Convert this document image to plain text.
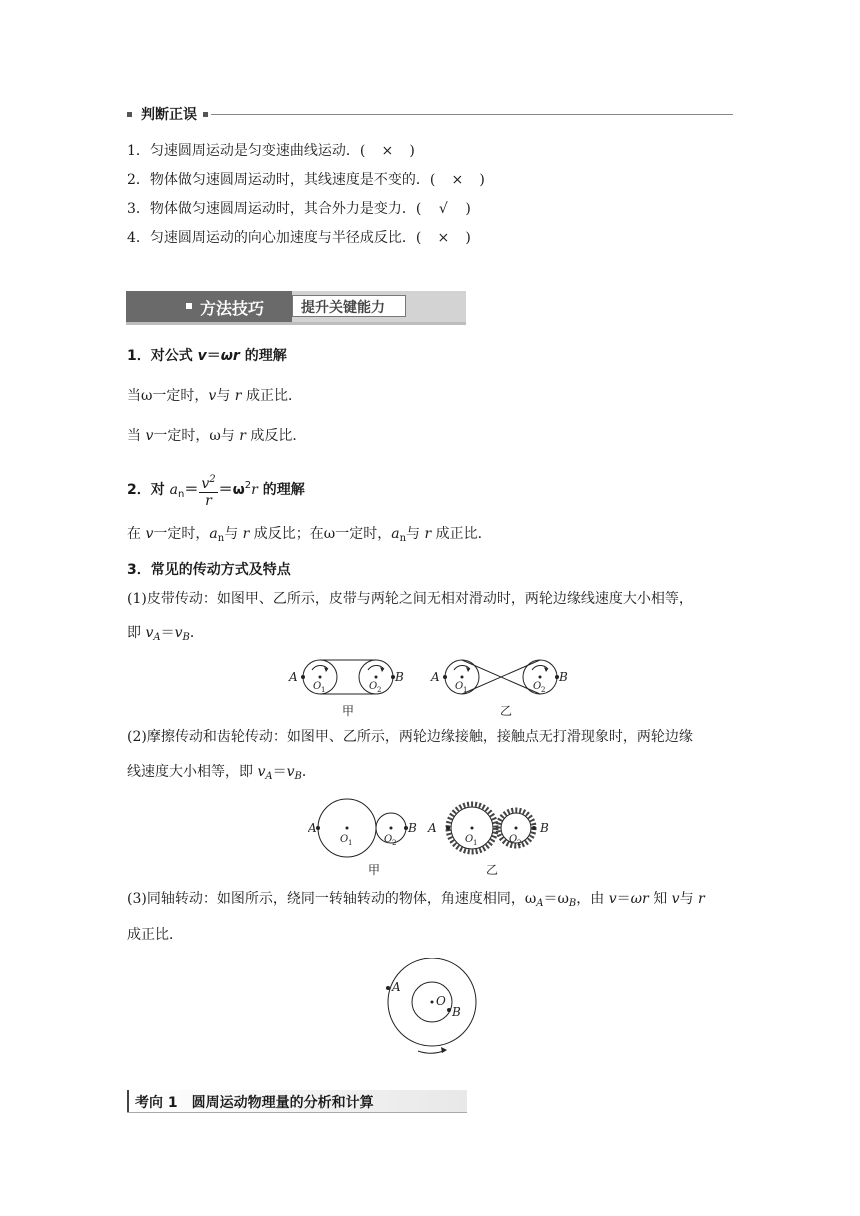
判断正误
1．匀速圆周运动是匀变速曲线运动．( × )
2．物体做匀速圆周运动时，其线速度是不变的．( × )
3．物体做匀速圆周运动时，其合外力是变力．( √ )
4．匀速圆周运动的向心加速度与半径成反比．( × )
方法技巧	提升关键能力
1．对公式 v＝ωr 的理解
当ω一定时，v与 r 成正比．
当 v一定时，ω与 r 成反比．
2．对 $a_n= \frac{v^2}{r} =\omega^2r$ 的理解
在 v一定时，$a_n$与 r 成反比；在ω一定时，$a_n$与 r 成正比．
3．常见的传动方式及特点
(1)皮带传动：如图甲、乙所示，皮带与两轮之间无相对滑动时，两轮边缘线速度大小相等，
即 $v_A=v_B$．
A	B
O 1	O 2
A	B
O 1	O 2
甲	乙
(2)摩擦传动和齿轮传动：如图甲、乙所示，两轮边缘接触，接触点无打滑现象时，两轮边缘
线速度大小相等，即 $v_A=v_B$．
A	B
O 1	O 2
A	B
O 1	O 2
甲	乙
(3)同轴转动：如图所示，绕同一转轴转动的物体，角速度相同，$\omega_A=\omega_B$，由 v＝ωr 知 v与 r
成正比．
A
O
B
考向 1　圆周运动物理量的分析和计算
